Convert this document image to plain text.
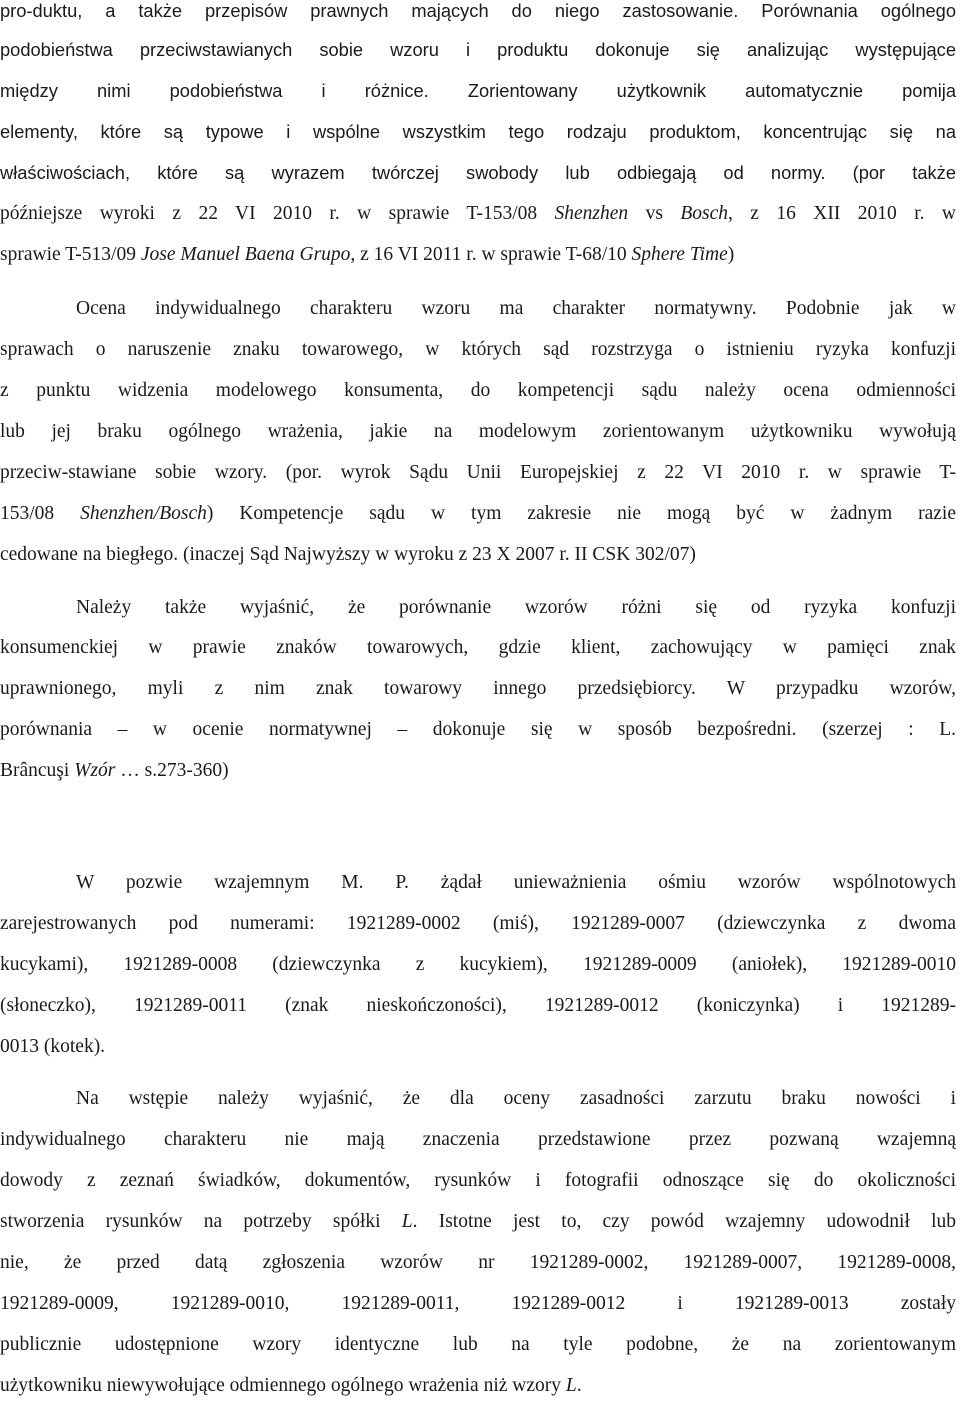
pro-duktu, a także przepisów prawnych mających do niego zastosowanie. Porównania ogólnego
podobieństwa przeciwstawianych sobie wzoru i produktu dokonuje się analizując występujące
między nimi podobieństwa i różnice. Zorientowany użytkownik automatycznie pomija
elementy, które są typowe i wspólne wszystkim tego rodzaju produktom, koncentrując się na
właściwościach, które są wyrazem twórczej swobody lub odbiegają od normy. (por także
późniejsze wyroki z 22 VI 2010 r. w sprawie T-153/08 Shenzhen vs Bosch, z 16 XII 2010 r. w
sprawie T-513/09 Jose Manuel Baena Grupo, z 16 VI 2011 r. w sprawie T-68/10 Sphere Time)
Ocena indywidualnego charakteru wzoru ma charakter normatywny. Podobnie jak w
sprawach o naruszenie znaku towarowego, w których sąd rozstrzyga o istnieniu ryzyka konfuzji
z punktu widzenia modelowego konsumenta, do kompetencji sądu należy ocena odmienności
lub jej braku ogólnego wrażenia, jakie na modelowym zorientowanym użytkowniku wywołują
przeciw-stawiane sobie wzory. (por. wyrok Sądu Unii Europejskiej z 22 VI 2010 r. w sprawie T-
153/08 Shenzhen/Bosch) Kompetencje sądu w tym zakresie nie mogą być w żadnym razie
cedowane na biegłego. (inaczej Sąd Najwyższy w wyroku z 23 X 2007 r. II CSK 302/07)
Należy także wyjaśnić, że porównanie wzorów różni się od ryzyka konfuzji
konsumenckiej w prawie znaków towarowych, gdzie klient, zachowujący w pamięci znak
uprawnionego, myli z nim znak towarowy innego przedsiębiorcy. W przypadku wzorów,
porównania – w ocenie normatywnej – dokonuje się w sposób bezpośredni. (szerzej : L.
Brâncuşi Wzór … s.273-360)
W pozwie wzajemnym M. P. żądał unieważnienia ośmiu wzorów wspólnotowych
zarejestrowanych pod numerami: 1921289-0002 (miś), 1921289-0007 (dziewczynka z dwoma
kucykami), 1921289-0008 (dziewczynka z kucykiem), 1921289-0009 (aniołek), 1921289-0010
(słoneczko), 1921289-0011 (znak nieskończoności), 1921289-0012 (koniczynka) i 1921289-
0013 (kotek).
Na wstępie należy wyjaśnić, że dla oceny zasadności zarzutu braku nowości i
indywidualnego charakteru nie mają znaczenia przedstawione przez pozwaną wzajemną
dowody z zeznań świadków, dokumentów, rysunków i fotografii odnoszące się do okoliczności
stworzenia rysunków na potrzeby spółki L. Istotne jest to, czy powód wzajemny udowodnił lub
nie, że przed datą zgłoszenia wzorów nr 1921289-0002, 1921289-0007, 1921289-0008,
1921289-0009, 1921289-0010, 1921289-0011, 1921289-0012 i 1921289-0013 zostały
publicznie udostępnione wzory identyczne lub na tyle podobne, że na zorientowanym
użytkowniku niewywołujące odmiennego ogólnego wrażenia niż wzory L.
